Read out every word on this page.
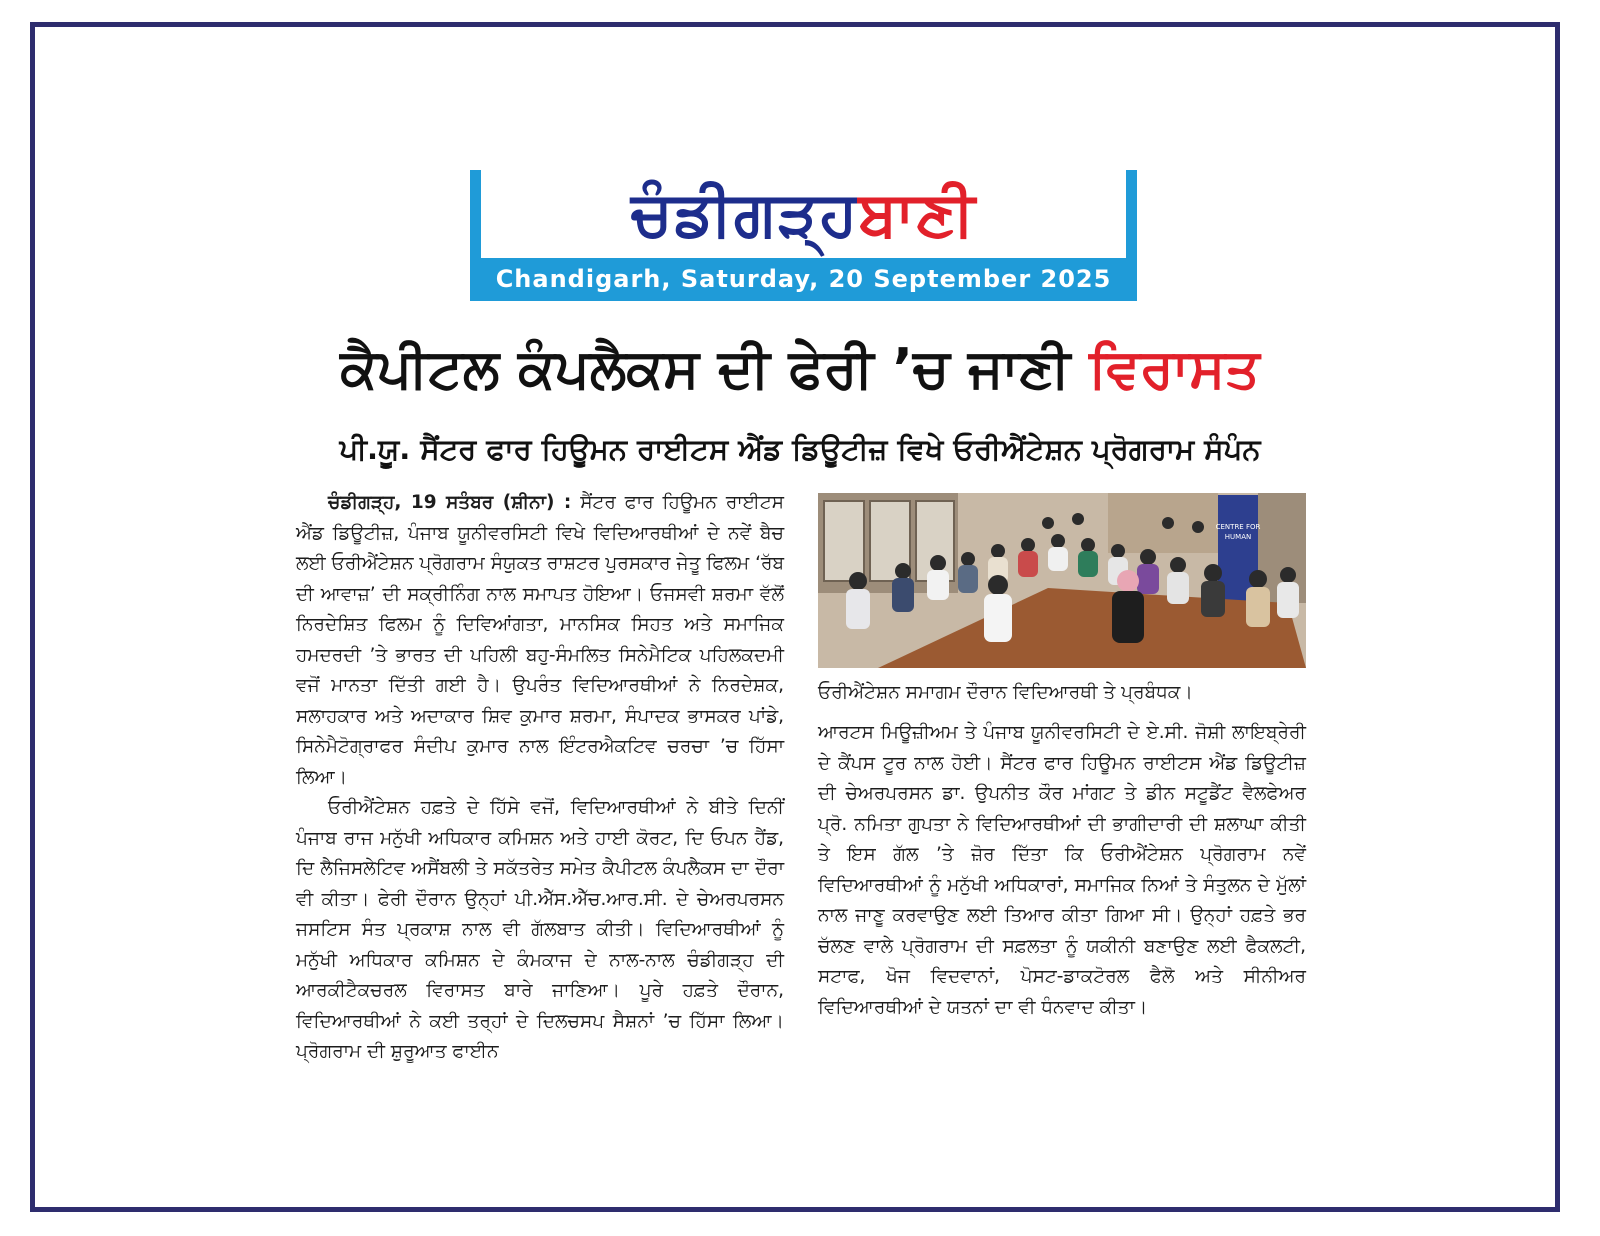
ਚੰਡੀਗੜ੍ਹਬਾਣੀ
Chandigarh, Saturday, 20 September 2025
ਕੈਪੀਟਲ ਕੰਪਲੈਕਸ ਦੀ ਫੇਰੀ ’ਚ ਜਾਣੀ ਵਿਰਾਸਤ
ਪੀ.ਯੂ. ਸੈਂਟਰ ਫਾਰ ਹਿਊਮਨ ਰਾਈਟਸ ਐਂਡ ਡਿਊਟੀਜ਼ ਵਿਖੇ ਓਰੀਐਂਟੇਸ਼ਨ ਪ੍ਰੋਗਰਾਮ ਸੰਪੰਨ

ਚੰਡੀਗੜ੍ਹ, 19 ਸਤੰਬਰ (ਸ਼ੀਨਾ) : ਸੈਂਟਰ ਫਾਰ ਹਿਊਮਨ ਰਾਈਟਸ ਐਂਡ ਡਿਊਟੀਜ਼, ਪੰਜਾਬ ਯੂਨੀਵਰਸਿਟੀ ਵਿਖੇ ਵਿਦਿਆਰਥੀਆਂ ਦੇ ਨਵੇਂ ਬੈਚ ਲਈ ਓਰੀਐਂਟੇਸ਼ਨ ਪ੍ਰੋਗਰਾਮ ਸੰਯੁਕਤ ਰਾਸ਼ਟਰ ਪੁਰਸਕਾਰ ਜੇਤੂ ਫਿਲਮ ‘ਰੱਬ ਦੀ ਆਵਾਜ਼’ ਦੀ ਸਕ੍ਰੀਨਿੰਗ ਨਾਲ ਸਮਾਪਤ ਹੋਇਆ। ਓਜਸਵੀ ਸ਼ਰਮਾ ਵੱਲੋਂ ਨਿਰਦੇਸ਼ਿਤ ਫਿਲਮ ਨੂੰ ਦਿਵਿਆਂਗਤਾ, ਮਾਨਸਿਕ ਸਿਹਤ ਅਤੇ ਸਮਾਜਿਕ ਹਮਦਰਦੀ ’ਤੇ ਭਾਰਤ ਦੀ ਪਹਿਲੀ ਬਹੁ-ਸੰਮਲਿਤ ਸਿਨੇਮੈਟਿਕ ਪਹਿਲਕਦਮੀ ਵਜੋਂ ਮਾਨਤਾ ਦਿੱਤੀ ਗਈ ਹੈ। ਉਪਰੰਤ ਵਿਦਿਆਰਥੀਆਂ ਨੇ ਨਿਰਦੇਸ਼ਕ, ਸਲਾਹਕਾਰ ਅਤੇ ਅਦਾਕਾਰ ਸ਼ਿਵ ਕੁਮਾਰ ਸ਼ਰਮਾ, ਸੰਪਾਦਕ ਭਾਸਕਰ ਪਾਂਡੇ, ਸਿਨੇਮੈਟੋਗ੍ਰਾਫਰ ਸੰਦੀਪ ਕੁਮਾਰ ਨਾਲ ਇੰਟਰਐਕਟਿਵ ਚਰਚਾ ’ਚ ਹਿੱਸਾ ਲਿਆ।

ਓਰੀਐਂਟੇਸ਼ਨ ਹਫ਼ਤੇ ਦੇ ਹਿੱਸੇ ਵਜੋਂ, ਵਿਦਿਆਰਥੀਆਂ ਨੇ ਬੀਤੇ ਦਿਨੀਂ ਪੰਜਾਬ ਰਾਜ ਮਨੁੱਖੀ ਅਧਿਕਾਰ ਕਮਿਸ਼ਨ ਅਤੇ ਹਾਈ ਕੋਰਟ, ਦਿ ਓਪਨ ਹੈਂਡ, ਦਿ ਲੈਜਿਸਲੇਟਿਵ ਅਸੈਂਬਲੀ ਤੇ ਸਕੱਤਰੇਤ ਸਮੇਤ ਕੈਪੀਟਲ ਕੰਪਲੈਕਸ ਦਾ ਦੌਰਾ ਵੀ ਕੀਤਾ। ਫੇਰੀ ਦੌਰਾਨ ਉਨ੍ਹਾਂ ਪੀ.ਐੱਸ.ਐੱਚ.ਆਰ.ਸੀ. ਦੇ ਚੇਅਰਪਰਸਨ ਜਸਟਿਸ ਸੰਤ ਪ੍ਰਕਾਸ਼ ਨਾਲ ਵੀ ਗੱਲਬਾਤ ਕੀਤੀ। ਵਿਦਿਆਰਥੀਆਂ ਨੂੰ ਮਨੁੱਖੀ ਅਧਿਕਾਰ ਕਮਿਸ਼ਨ ਦੇ ਕੰਮਕਾਜ ਦੇ ਨਾਲ-ਨਾਲ ਚੰਡੀਗੜ੍ਹ ਦੀ ਆਰਕੀਟੈਕਚਰਲ ਵਿਰਾਸਤ ਬਾਰੇ ਜਾਣਿਆ। ਪੂਰੇ ਹਫ਼ਤੇ ਦੌਰਾਨ, ਵਿਦਿਆਰਥੀਆਂ ਨੇ ਕਈ ਤਰ੍ਹਾਂ ਦੇ ਦਿਲਚਸਪ ਸੈਸ਼ਨਾਂ ’ਚ ਹਿੱਸਾ ਲਿਆ। ਪ੍ਰੋਗਰਾਮ ਦੀ ਸ਼ੁਰੂਆਤ ਫਾਈਨ

CENTRE FOR
HUMAN
ਓਰੀਐਂਟੇਸ਼ਨ ਸਮਾਗਮ ਦੌਰਾਨ ਵਿਦਿਆਰਥੀ ਤੇ ਪ੍ਰਬੰਧਕ।

ਆਰਟਸ ਮਿਊਜ਼ੀਅਮ ਤੇ ਪੰਜਾਬ ਯੂਨੀਵਰਸਿਟੀ ਦੇ ਏ.ਸੀ. ਜੋਸ਼ੀ ਲਾਇਬ੍ਰੇਰੀ ਦੇ ਕੈਂਪਸ ਟੂਰ ਨਾਲ ਹੋਈ। ਸੈਂਟਰ ਫਾਰ ਹਿਊਮਨ ਰਾਈਟਸ ਐਂਡ ਡਿਊਟੀਜ਼ ਦੀ ਚੇਅਰਪਰਸਨ ਡਾ. ਉਪਨੀਤ ਕੌਰ ਮਾਂਗਟ ਤੇ ਡੀਨ ਸਟੂਡੈਂਟ ਵੈਲਫੇਅਰ ਪ੍ਰੋ. ਨਮਿਤਾ ਗੁਪਤਾ ਨੇ ਵਿਦਿਆਰਥੀਆਂ ਦੀ ਭਾਗੀਦਾਰੀ ਦੀ ਸ਼ਲਾਘਾ ਕੀਤੀ ਤੇ ਇਸ ਗੱਲ ’ਤੇ ਜ਼ੋਰ ਦਿੱਤਾ ਕਿ ਓਰੀਐਂਟੇਸ਼ਨ ਪ੍ਰੋਗਰਾਮ ਨਵੇਂ ਵਿਦਿਆਰਥੀਆਂ ਨੂੰ ਮਨੁੱਖੀ ਅਧਿਕਾਰਾਂ, ਸਮਾਜਿਕ ਨਿਆਂ ਤੇ ਸੰਤੁਲਨ ਦੇ ਮੁੱਲਾਂ ਨਾਲ ਜਾਣੂ ਕਰਵਾਉਣ ਲਈ ਤਿਆਰ ਕੀਤਾ ਗਿਆ ਸੀ। ਉਨ੍ਹਾਂ ਹਫ਼ਤੇ ਭਰ ਚੱਲਣ ਵਾਲੇ ਪ੍ਰੋਗਰਾਮ ਦੀ ਸਫ਼ਲਤਾ ਨੂੰ ਯਕੀਨੀ ਬਣਾਉਣ ਲਈ ਫੈਕਲਟੀ, ਸਟਾਫ, ਖੋਜ ਵਿਦਵਾਨਾਂ, ਪੋਸਟ-ਡਾਕਟੋਰਲ ਫੈਲੋ ਅਤੇ ਸੀਨੀਅਰ ਵਿਦਿਆਰਥੀਆਂ ਦੇ ਯਤਨਾਂ ਦਾ ਵੀ ਧੰਨਵਾਦ ਕੀਤਾ।
